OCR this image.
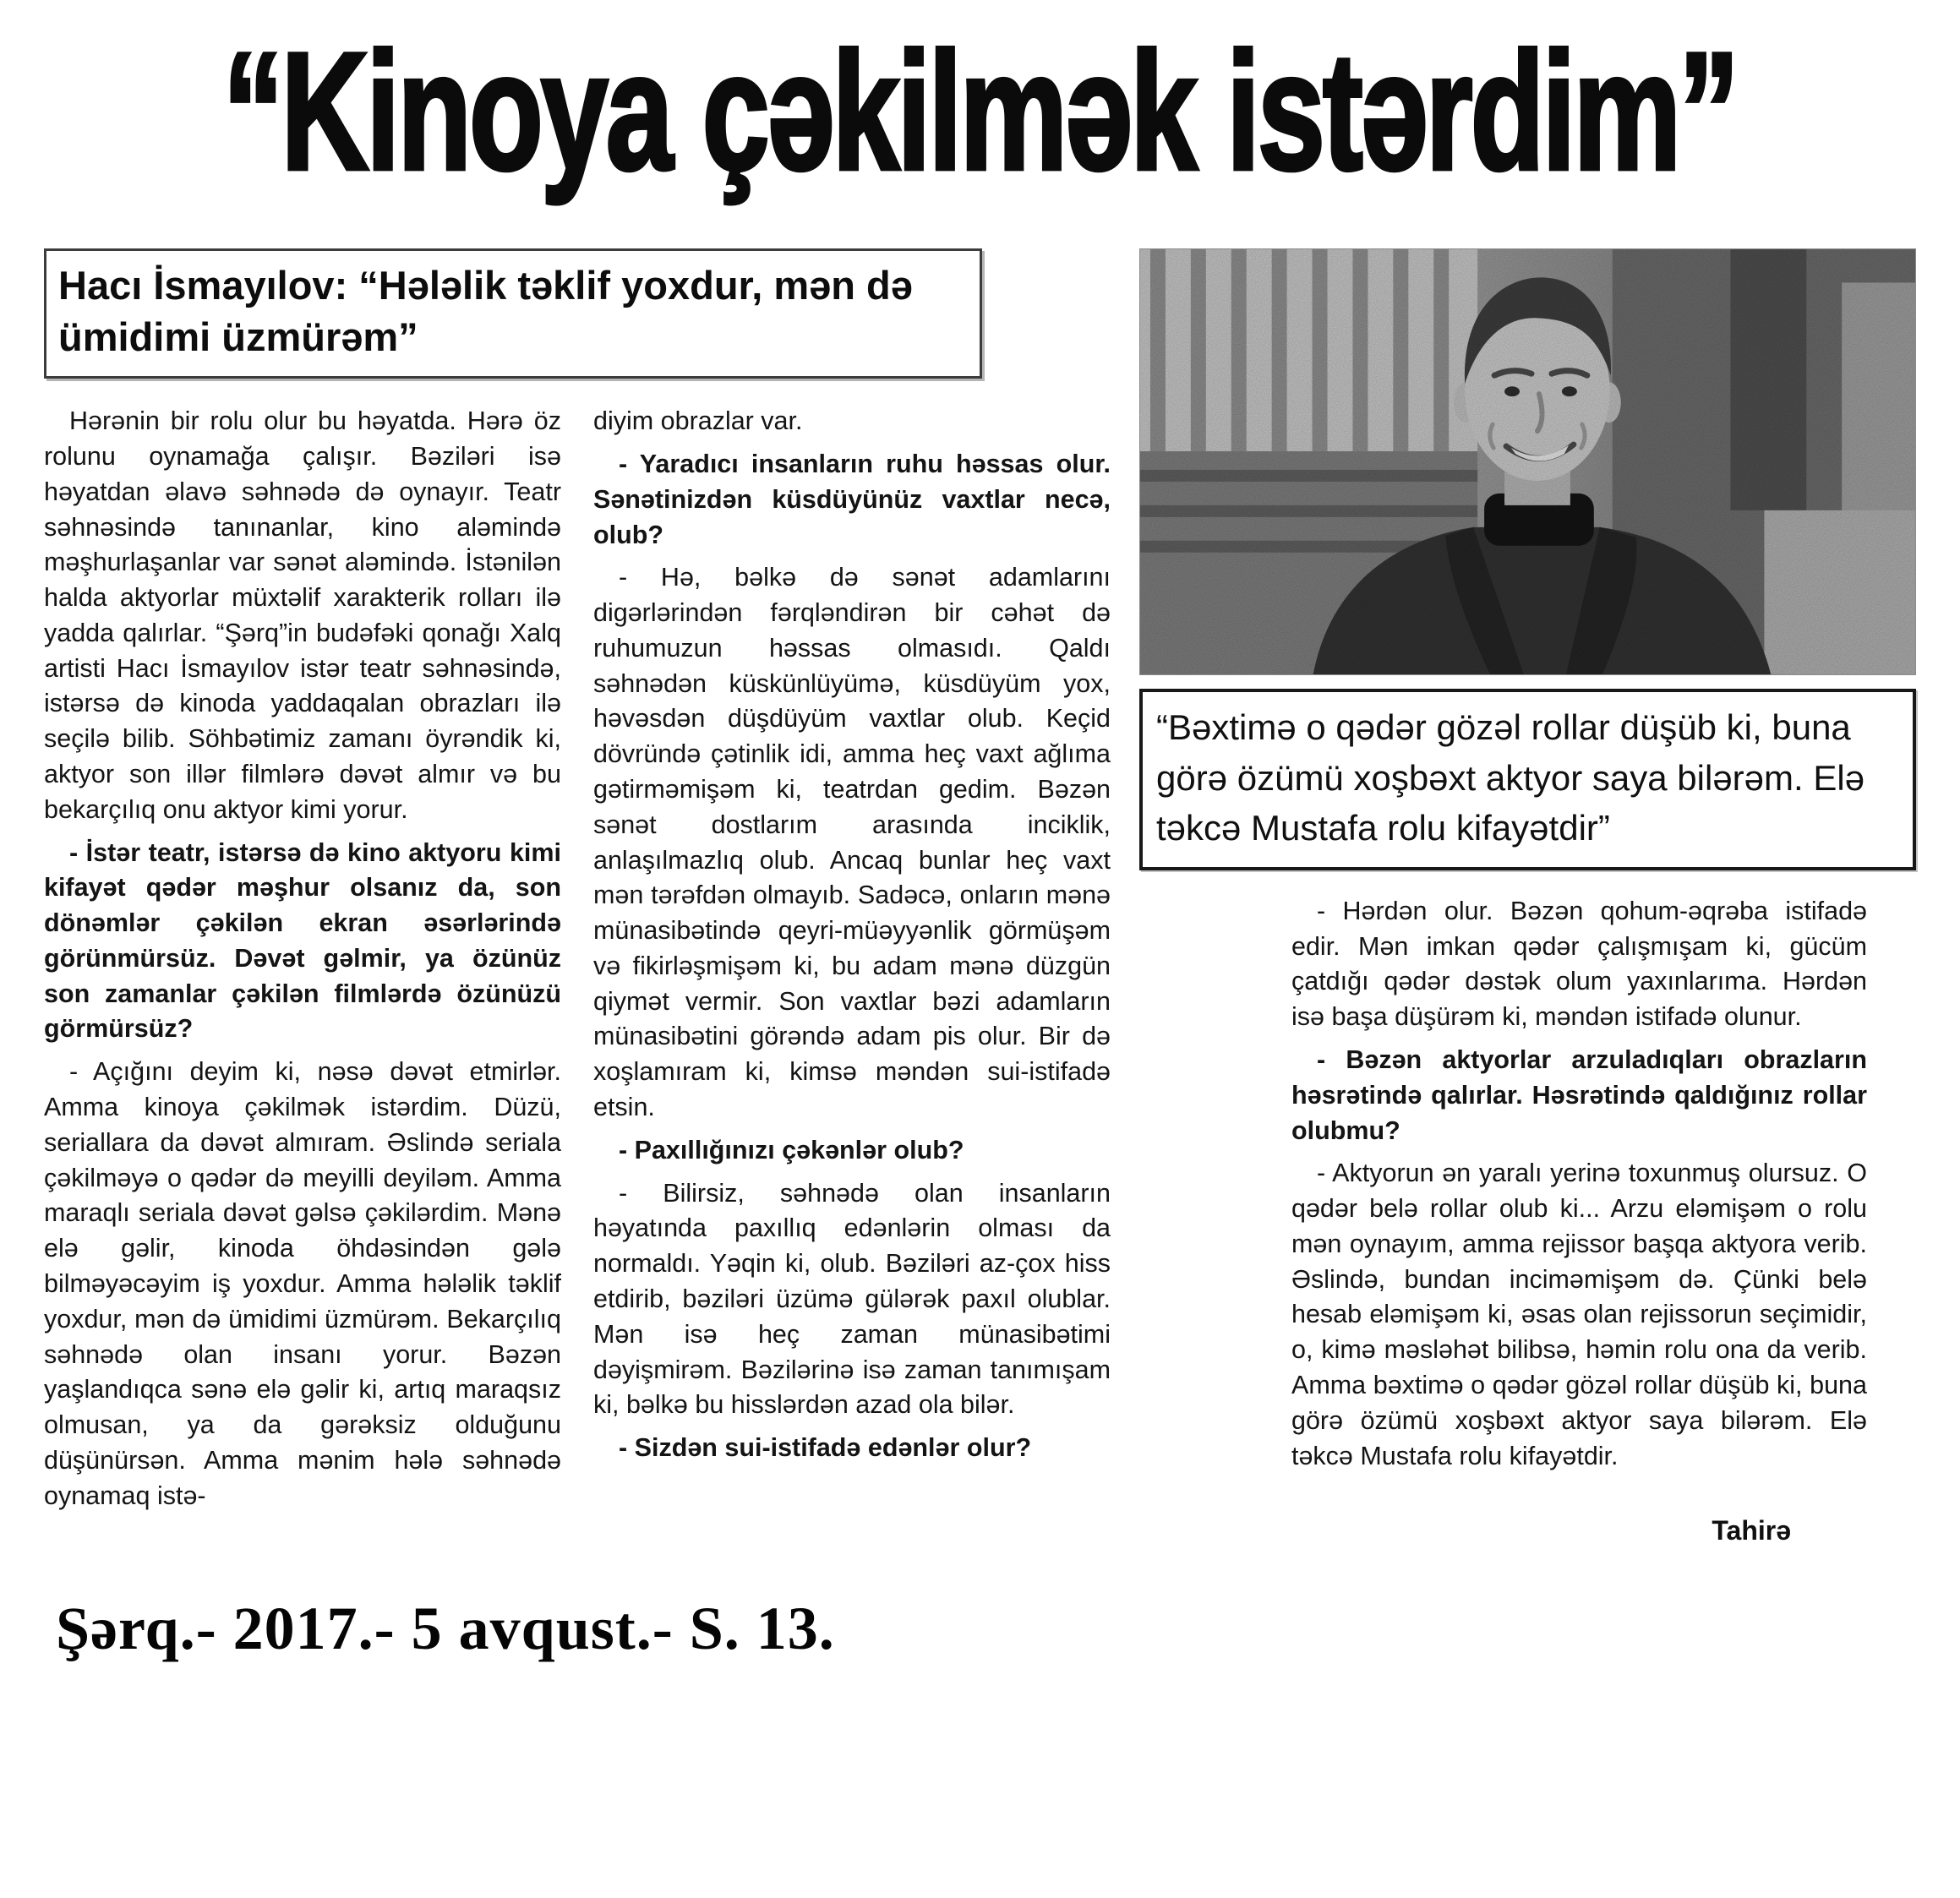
“Kinoya çəkilmək istərdim”
Hacı İsmayılov: “Hələlik təklif yoxdur, mən də ümidimi üzmürəm”

Hərənin bir rolu olur bu həyatda. Hərə öz rolunu oynamağa çalışır. Bəziləri isə həyatdan əlavə səhnədə də oynayır. Teatr səhnəsində tanınanlar, kino aləmində məşhurlaşanlar var sənət aləmində. İstənilən halda aktyorlar müxtəlif xarakterik rolları ilə yadda qalırlar. “Şərq”in budəfəki qonağı Xalq artisti Hacı İsmayılov istər teatr səhnəsində, istərsə də kinoda yaddaqalan obrazları ilə seçilə bilib. Söhbətimiz zamanı öyrəndik ki, aktyor son illər filmlərə dəvət almır və bu bekarçılıq onu aktyor kimi yorur.

- İstər teatr, istərsə də kino aktyoru kimi kifayət qədər məşhur olsanız da, son dönəmlər çəkilən ekran əsərlərində görünmürsüz. Dəvət gəlmir, ya özünüz son zamanlar çəkilən filmlərdə özünüzü görmürsüz?

- Açığını deyim ki, nəsə dəvət etmirlər. Amma kinoya çəkilmək istərdim. Düzü, seriallara da dəvət almıram. Əslində seriala çəkilməyə o qədər də meyilli deyiləm. Amma maraqlı seriala dəvət gəlsə çəkilərdim. Mənə elə gəlir, kinoda öhdəsindən gələ bilməyəcəyim iş yoxdur. Amma hələlik təklif yoxdur, mən də ümidimi üzmürəm. Bekarçılıq səhnədə olan insanı yorur. Bəzən yaşlandıqca sənə elə gəlir ki, artıq maraqsız olmusan, ya da gərəksiz olduğunu düşünürsən. Amma mənim hələ səhnədə oynamaq istə-

diyim obrazlar var.

- Yaradıcı insanların ruhu həssas olur. Sənətinizdən küsdüyünüz vaxtlar necə, olub?

- Hə, bəlkə də sənət adamlarını digərlərindən fərqləndirən bir cəhət də ruhumuzun həssas olmasıdı. Qaldı səhnədən küskünlüyümə, küsdüyüm yox, həvəsdən düşdüyüm vaxtlar olub. Keçid dövründə çətinlik idi, amma heç vaxt ağlıma gətirməmişəm ki, teatrdan gedim. Bəzən sənət dostlarım arasında inciklik, anlaşılmazlıq olub. Ancaq bunlar heç vaxt mən tərəfdən olmayıb. Sadəcə, onların mənə münasibətində qeyri-müəyyənlik görmüşəm və fikirləşmişəm ki, bu adam mənə düzgün qiymət vermir. Son vaxtlar bəzi adamların münasibətini görəndə adam pis olur. Bir də xoşlamıram ki, kimsə məndən sui-istifadə etsin.

- Paxıllığınızı çəkənlər olub?

- Bilirsiz, səhnədə olan insanların həyatında paxıllıq edənlərin olması da normaldı. Yəqin ki, olub. Bəziləri az-çox hiss etdirib, bəziləri üzümə gülərək paxıl olublar. Mən isə heç zaman münasibətimi dəyişmirəm. Bəzilərinə isə zaman tanımışam ki, bəlkə bu hisslərdən azad ola bilər.

- Sizdən sui-istifadə edənlər olur?

“Bəxtimə o qədər gözəl rollar düşüb ki, buna görə özümü xoşbəxt aktyor saya bilərəm. Elə təkcə Mustafa rolu kifayətdir”

- Hərdən olur. Bəzən qohum-əqrəba istifadə edir. Mən imkan qədər çalışmışam ki, gücüm çatdığı qədər dəstək olum yaxınlarıma. Hərdən isə başa düşürəm ki, məndən istifadə olunur.

- Bəzən aktyorlar arzuladıqları obrazların həsrətində qalırlar. Həsrətində qaldığınız rollar olubmu?

- Aktyorun ən yaralı yerinə toxunmuş olursuz. O qədər belə rollar olub ki... Arzu eləmişəm o rolu mən oynayım, amma rejissor başqa aktyora verib. Əslində, bundan inciməmişəm də. Çünki belə hesab eləmişəm ki, əsas olan rejissorun seçimidir, o, kimə məsləhət bilibsə, həmin rolu ona da verib. Amma bəxtimə o qədər gözəl rollar düşüb ki, buna görə özümü xoşbəxt aktyor saya bilərəm. Elə təkcə Mustafa rolu kifayətdir.

Tahirə

Şərq.- 2017.- 5 avqust.- S. 13.
